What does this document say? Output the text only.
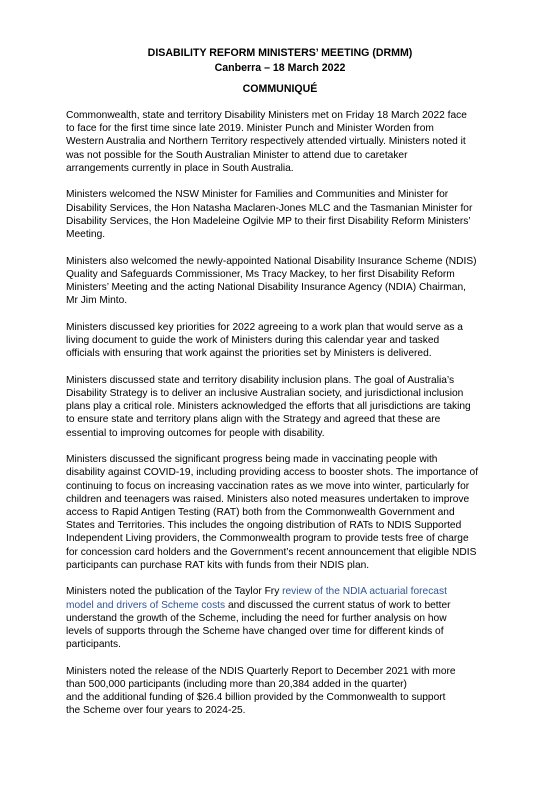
DISABILITY REFORM MINISTERS’ MEETING (DRMM)
Canberra – 18 March 2022
COMMUNIQUÉ

Commonwealth, state and territory Disability Ministers met on Friday 18 March 2022 face
to face for the first time since late 2019. Minister Punch and Minister Worden from
Western Australia and Northern Territory respectively attended virtually. Ministers noted it
was not possible for the South Australian Minister to attend due to caretaker
arrangements currently in place in South Australia.

Ministers welcomed the NSW Minister for Families and Communities and Minister for
Disability Services, the Hon Natasha Maclaren-Jones MLC and the Tasmanian Minister for
Disability Services, the Hon Madeleine Ogilvie MP to their first Disability Reform Ministers’
Meeting.

Ministers also welcomed the newly-appointed National Disability Insurance Scheme (NDIS)
Quality and Safeguards Commissioner, Ms Tracy Mackey, to her first Disability Reform
Ministers’ Meeting and the acting National Disability Insurance Agency (NDIA) Chairman,
Mr Jim Minto.

Ministers discussed key priorities for 2022 agreeing to a work plan that would serve as a
living document to guide the work of Ministers during this calendar year and tasked
officials with ensuring that work against the priorities set by Ministers is delivered.

Ministers discussed state and territory disability inclusion plans. The goal of Australia’s
Disability Strategy is to deliver an inclusive Australian society, and jurisdictional inclusion
plans play a critical role. Ministers acknowledged the efforts that all jurisdictions are taking
to ensure state and territory plans align with the Strategy and agreed that these are
essential to improving outcomes for people with disability.

Ministers discussed the significant progress being made in vaccinating people with
disability against COVID-19, including providing access to booster shots. The importance of
continuing to focus on increasing vaccination rates as we move into winter, particularly for
children and teenagers was raised. Ministers also noted measures undertaken to improve
access to Rapid Antigen Testing (RAT) both from the Commonwealth Government and
States and Territories. This includes the ongoing distribution of RATs to NDIS Supported
Independent Living providers, the Commonwealth program to provide tests free of charge
for concession card holders and the Government’s recent announcement that eligible NDIS
participants can purchase RAT kits with funds from their NDIS plan.

Ministers noted the publication of the Taylor Fry review of the NDIA actuarial forecast
model and drivers of Scheme costs and discussed the current status of work to better
understand the growth of the Scheme, including the need for further analysis on how
levels of supports through the Scheme have changed over time for different kinds of
participants.

Ministers noted the release of the NDIS Quarterly Report to December 2021 with more
than 500,000 participants (including more than 20,384 added in the quarter)
and the additional funding of $26.4 billion provided by the Commonwealth to support
the Scheme over four years to 2024-25.
